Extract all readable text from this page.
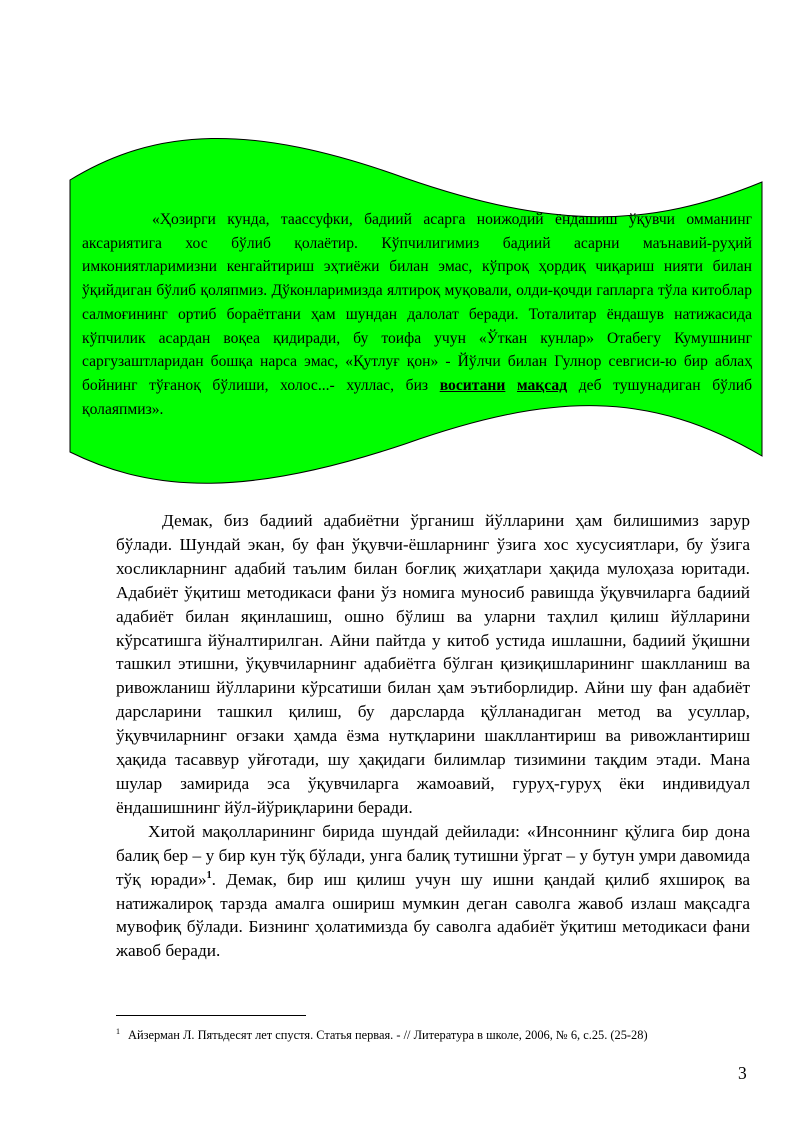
«Ҳозирги кунда, таассуфки, бадиий асарга ноижодий ёндашиш ўқувчи оммaнинг aксариятига хос бўлиб қолаётир. Кўпчилигимиз бадиий асарни маънавий-руҳий имкониятларимизни кенгайтириш эҳтиёжи билан эмас, кўпроқ ҳордиқ чиқариш нияти билан ўқийдиган бўлиб қоляпмиз. Дўконларимизда ялтироқ муқовали, олди-қочди гапларга тўла китоблар салмоғининг ортиб бораётгани ҳам шундан далолат беради. Тоталитар ёндашув натижасида кўпчилик асардан воқеа қидиради, бу тоифа учун «Ўткан кунлар» Отабегу Кумушнинг саргузаштларидан бошқа нарса эмас, «Қутлуғ қон» - Йўлчи билан Гулнор севгиси-ю бир аблаҳ бойнинг тўғаноқ бўлиши, холос...- хуллас, биз воситани мақсад деб тушунадиган бўлиб қолаяпмиз».

Демак, биз бадиий адабиётни ўрганиш йўлларини ҳам билишимиз зарур бўлади. Шундай экан, бу фан ўқувчи-ёшларнинг ўзига хос хусусиятлари, бу ўзига хосликларнинг адабий таълим билан боғлиқ жиҳатлари ҳақида мулоҳаза юритади. Адабиёт ўқитиш методикаси фани ўз номига муносиб равишда ўқувчиларга бадиий адабиёт билан яқинлашиш, ошно бўлиш ва уларни таҳлил қилиш йўлларини кўрсатишга йўналтирилган. Айни пайтда у китоб устида ишлашни, бадиий ўқишни ташкил этишни, ўқувчиларнинг адабиётга бўлган қизиқишларининг шаклланиш ва ривожланиш йўлларини кўрсатиши билан ҳам эътиборлидир. Айни шу фан адабиёт дарсларини ташкил қилиш, бу дарсларда қўлланадиган метод ва усуллар, ўқувчиларнинг оғзаки ҳамда ёзма нутқларини шакллантириш ва ривожлантириш ҳақида тасаввур уйғотади, шу ҳақидаги билимлар тизимини тақдим этади. Мана шулар замирида эса ўқувчиларга жамоавий, гуруҳ-гуруҳ ёки индивидуал ёндашишнинг йўл-йўриқларини беради.

Хитой мақолларининг бирида шундай дейилади: «Инсоннинг қўлига бир дона балиқ бер – у бир кун тўқ бўлади, унга балиқ тутишни ўргат – у бутун умри давомида тўқ юради»$^1$. Демак, бир иш қилиш учун шу ишни қандай қилиб яхшироқ ва натижалироқ тарзда амалга ошириш мумкин деган саволга жавоб излаш мақсадга мувофиқ бўлади. Бизнинг ҳолатимизда бу саволга адабиёт ўқитиш методикаси фани жавоб беради.

$^1$ Айзерман Л. Пятьдесят лет спустя. Статья первая. - // Литература в школе, 2006, № 6, с.25. (25-28)
3
